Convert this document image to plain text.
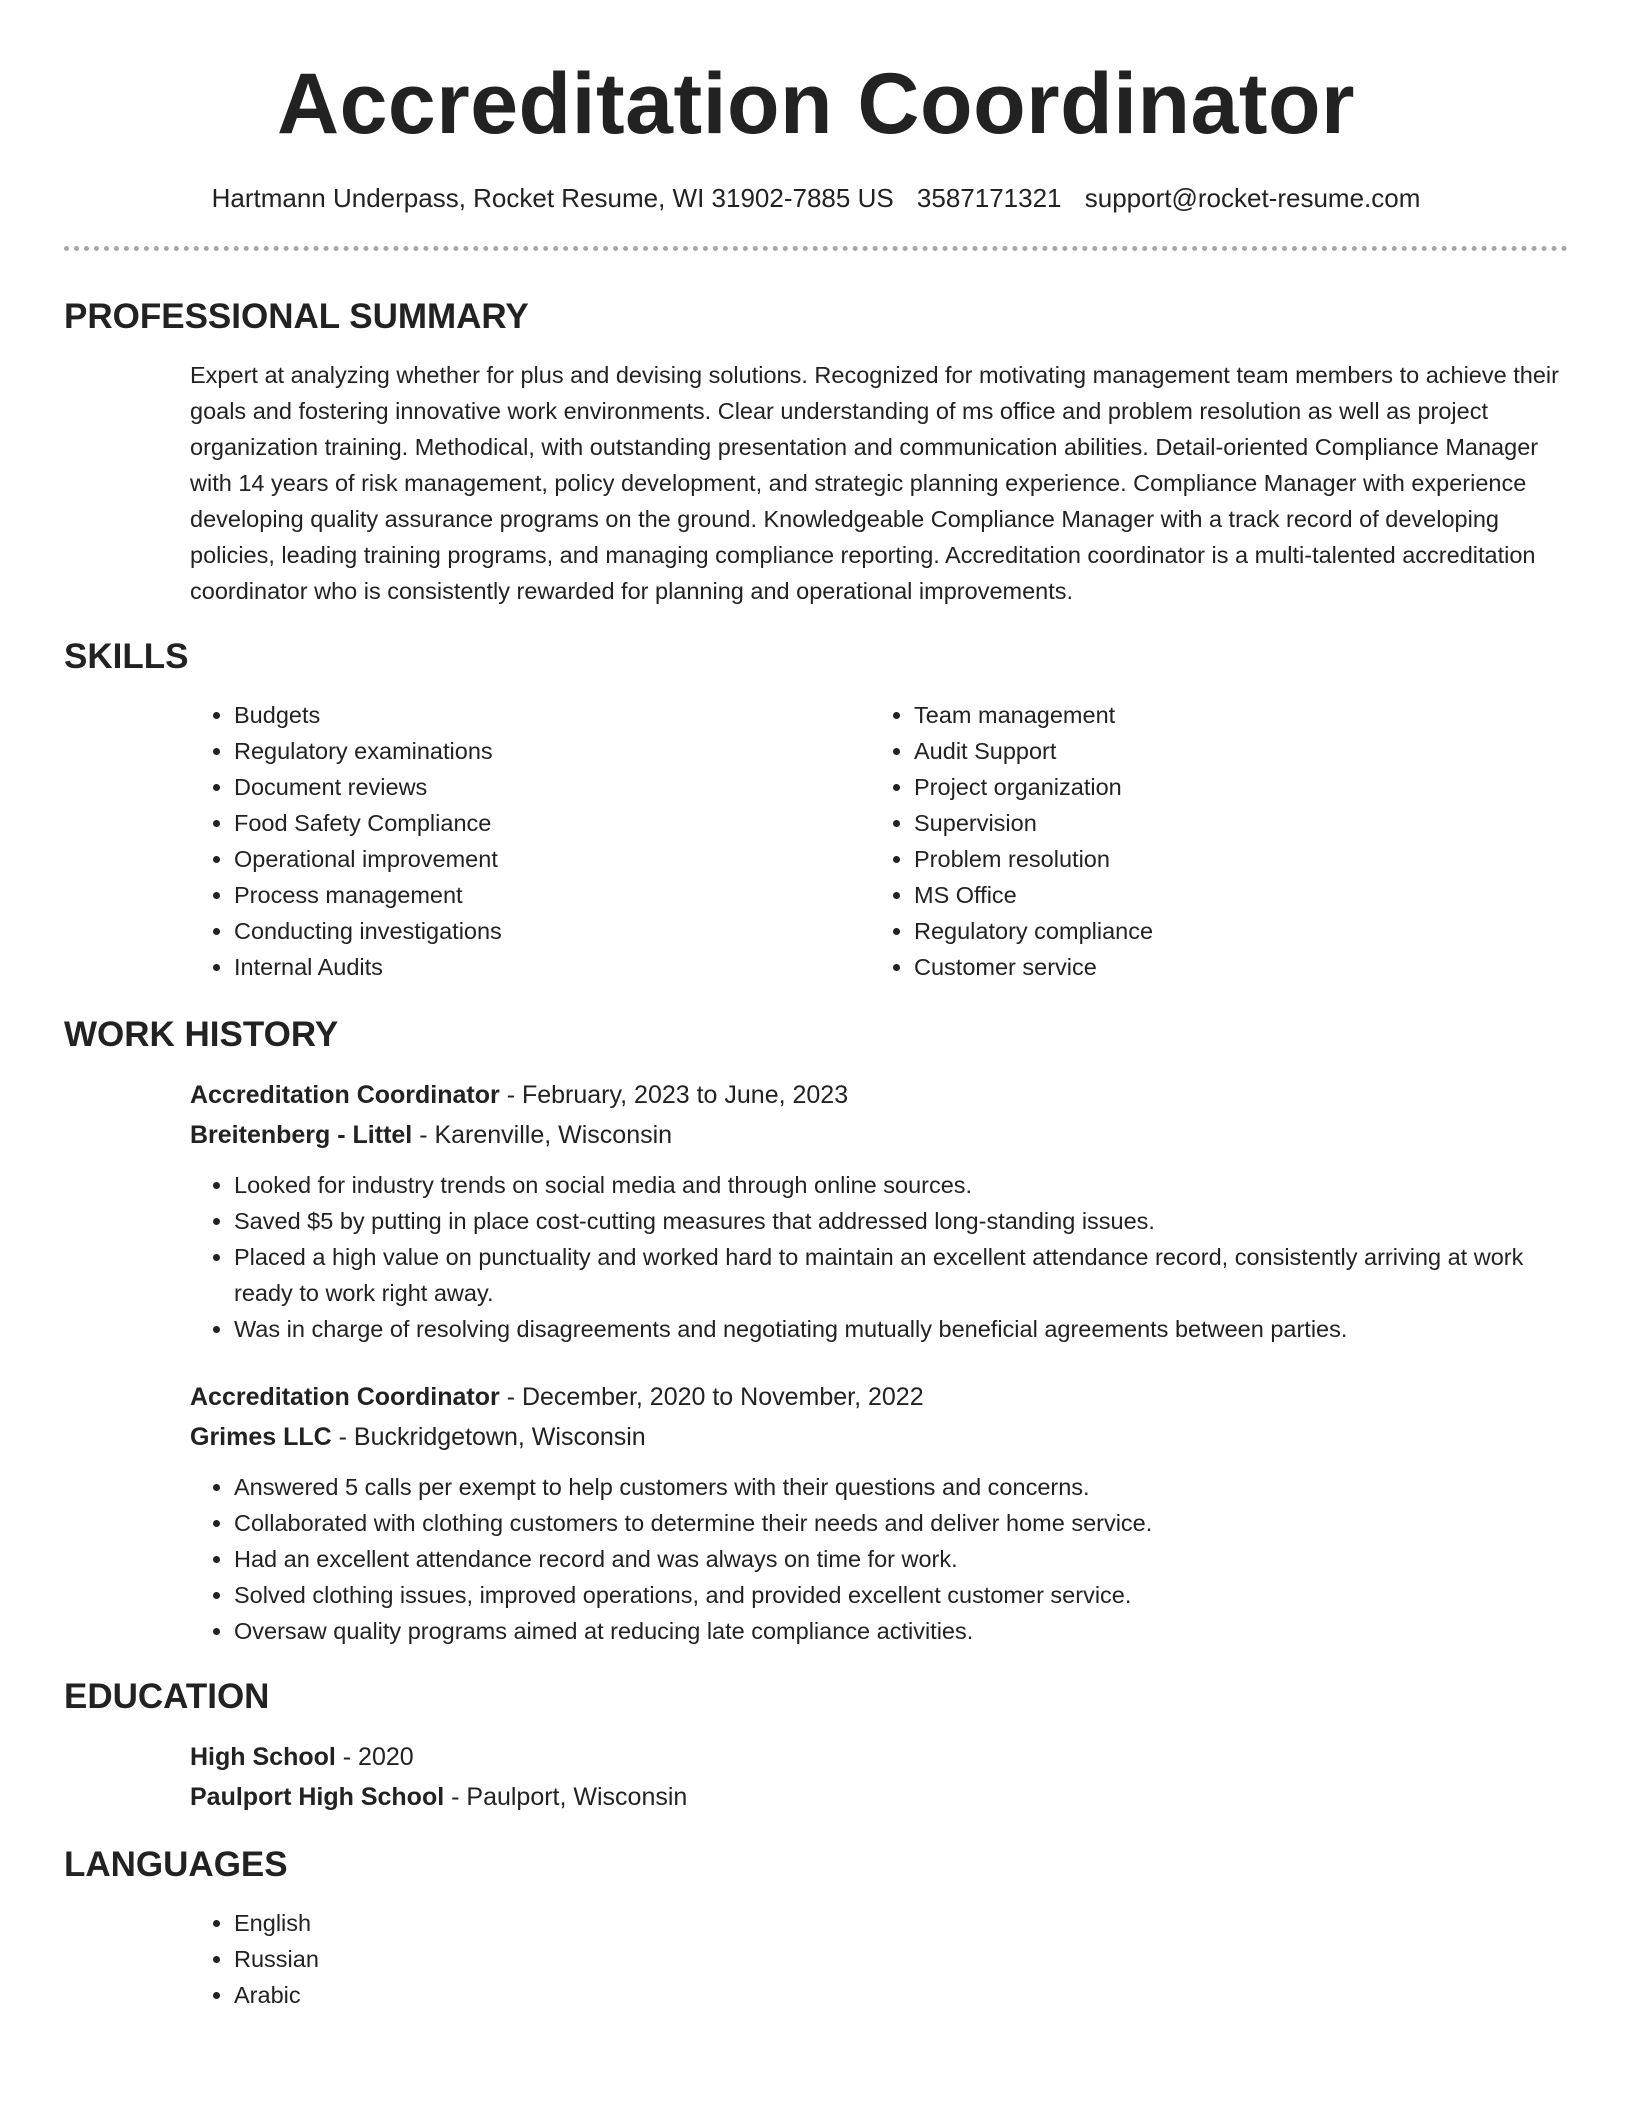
Accreditation Coordinator
Hartmann Underpass, Rocket Resume, WI 31902-7885 US 3587171321 support@rocket-resume.com
PROFESSIONAL SUMMARY

Expert at analyzing whether for plus and devising solutions. Recognized for motivating management team members to achieve their goals and fostering innovative work environments. Clear understanding of ms office and problem resolution as well as project organization training. Methodical, with outstanding presentation and communication abilities. Detail-oriented Compliance Manager with 14 years of risk management, policy development, and strategic planning experience. Compliance Manager with experience developing quality assurance programs on the ground. Knowledgeable Compliance Manager with a track record of developing policies, leading training programs, and managing compliance reporting. Accreditation coordinator is a multi-talented accreditation coordinator who is consistently rewarded for planning and operational improvements.

SKILLS
• Budgets
• Regulatory examinations
• Document reviews
• Food Safety Compliance
• Operational improvement
• Process management
• Conducting investigations
• Internal Audits
• Team management
• Audit Support
• Project organization
• Supervision
• Problem resolution
• MS Office
• Regulatory compliance
• Customer service
WORK HISTORY
Accreditation Coordinator - February, 2023 to June, 2023
Breitenberg - Littel - Karenville, Wisconsin
• Looked for industry trends on social media and through online sources.
• Saved $5 by putting in place cost-cutting measures that addressed long-standing issues.
• Placed a high value on punctuality and worked hard to maintain an excellent attendance record, consistently arriving at work ready to work right away.
• Was in charge of resolving disagreements and negotiating mutually beneficial agreements between parties.
Accreditation Coordinator - December, 2020 to November, 2022
Grimes LLC - Buckridgetown, Wisconsin
• Answered 5 calls per exempt to help customers with their questions and concerns.
• Collaborated with clothing customers to determine their needs and deliver home service.
• Had an excellent attendance record and was always on time for work.
• Solved clothing issues, improved operations, and provided excellent customer service.
• Oversaw quality programs aimed at reducing late compliance activities.
EDUCATION
High School - 2020
Paulport High School - Paulport, Wisconsin
LANGUAGES
• English
• Russian
• Arabic
